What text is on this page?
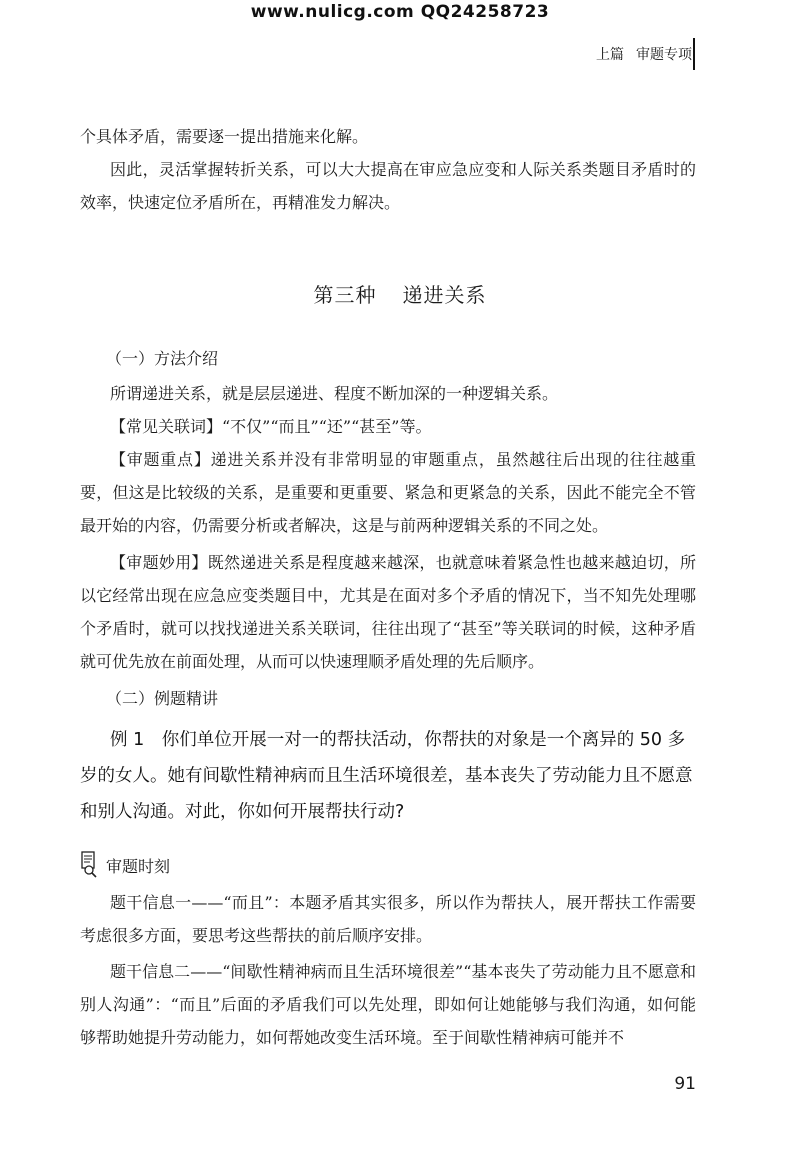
www.nulicg.com QQ24258723
上篇 审题专项

个具体矛盾，需要逐一提出措施来化解。

因此，灵活掌握转折关系，可以大大提高在审应急应变和人际关系类题目矛盾时的效率，快速定位矛盾所在，再精准发力解决。

第三种 递进关系

（一）方法介绍

所谓递进关系，就是层层递进、程度不断加深的一种逻辑关系。

【常见关联词】“不仅”“而且”“还”“甚至”等。

【审题重点】递进关系并没有非常明显的审题重点，虽然越往后出现的往往越重要，但这是比较级的关系，是重要和更重要、紧急和更紧急的关系，因此不能完全不管最开始的内容，仍需要分析或者解决，这是与前两种逻辑关系的不同之处。

【审题妙用】既然递进关系是程度越来越深，也就意味着紧急性也越来越迫切，所以它经常出现在应急应变类题目中，尤其是在面对多个矛盾的情况下，当不知先处理哪个矛盾时，就可以找找递进关系关联词，往往出现了“甚至”等关联词的时候，这种矛盾就可优先放在前面处理，从而可以快速理顺矛盾处理的先后顺序。

（二）例题精讲

例 1　你们单位开展一对一的帮扶活动，你帮扶的对象是一个离异的 50 多岁的女人。她有间歇性精神病而且生活环境很差，基本丧失了劳动能力且不愿意和别人沟通。对此，你如何开展帮扶行动?

审题时刻

题干信息一——“而且”：本题矛盾其实很多，所以作为帮扶人，展开帮扶工作需要考虑很多方面，要思考这些帮扶的前后顺序安排。

题干信息二——“间歇性精神病而且生活环境很差”“基本丧失了劳动能力且不愿意和别人沟通”：“而且”后面的矛盾我们可以先处理，即如何让她能够与我们沟通，如何能够帮助她提升劳动能力，如何帮她改变生活环境。至于间歇性精神病可能并不

91
